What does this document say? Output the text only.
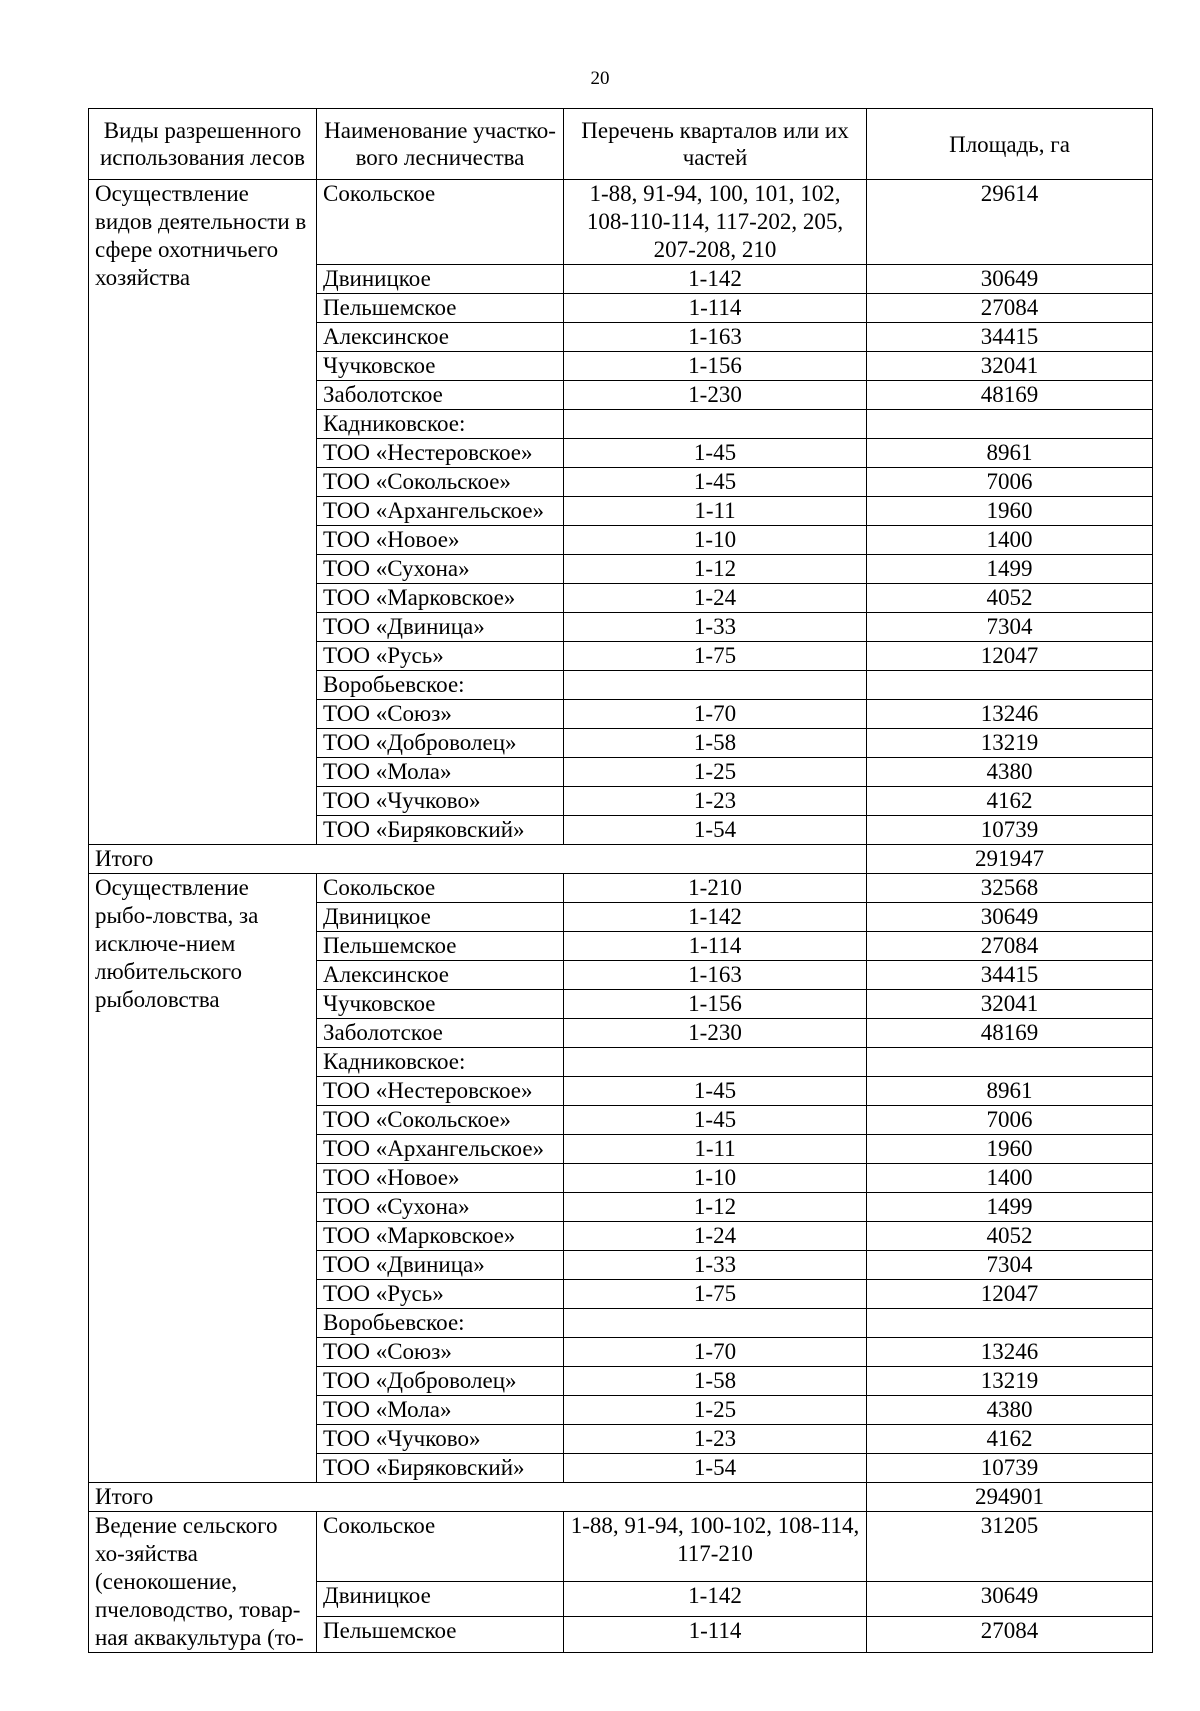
20
Виды разрешенного использования лесов	Наименование участко-вого лесничества	Перечень кварталов или их частей	Площадь, га
Осуществление видов деятельности в сфере охотничьего хозяйства	Сокольское	1-88, 91-94, 100, 101, 102, 108-110-114, 117-202, 205, 207-208, 210	29614
	Двиницкое	1-142	30649
	Пельшемское	1-114	27084
	Алексинское	1-163	34415
	Чучковское	1-156	32041
	Заболотское	1-230	48169
	Кадниковское:		
	ТОО «Нестеровское»	1-45	8961
	ТОО «Сокольское»	1-45	7006
	ТОО «Архангельское»	1-11	1960
	ТОО «Новое»	1-10	1400
	ТОО «Сухона»	1-12	1499
	ТОО «Марковское»	1-24	4052
	ТОО «Двиница»	1-33	7304
	ТОО «Русь»	1-75	12047
	Воробьевское:		
	ТОО «Союз»	1-70	13246
	ТОО «Доброволец»	1-58	13219
	ТОО «Мола»	1-25	4380
	ТОО «Чучково»	1-23	4162
	ТОО «Биряковский»	1-54	10739
Итого			291947
Осуществление рыбо-ловства, за исключе-нием любительского рыболовства	Сокольское	1-210	32568
	Двиницкое	1-142	30649
	Пельшемское	1-114	27084
	Алексинское	1-163	34415
	Чучковское	1-156	32041
	Заболотское	1-230	48169
	Кадниковское:		
	ТОО «Нестеровское»	1-45	8961
	ТОО «Сокольское»	1-45	7006
	ТОО «Архангельское»	1-11	1960
	ТОО «Новое»	1-10	1400
	ТОО «Сухона»	1-12	1499
	ТОО «Марковское»	1-24	4052
	ТОО «Двиница»	1-33	7304
	ТОО «Русь»	1-75	12047
	Воробьевское:		
	ТОО «Союз»	1-70	13246
	ТОО «Доброволец»	1-58	13219
	ТОО «Мола»	1-25	4380
	ТОО «Чучково»	1-23	4162
	ТОО «Биряковский»	1-54	10739
Итого			294901
Ведение сельского хо-зяйства (сенокошение, пчеловодство, товар-ная аквакультура (то-	Сокольское	1-88, 91-94, 100-102, 108-114, 117-210	31205
	Двиницкое	1-142	30649
	Пельшемское	1-114	27084
